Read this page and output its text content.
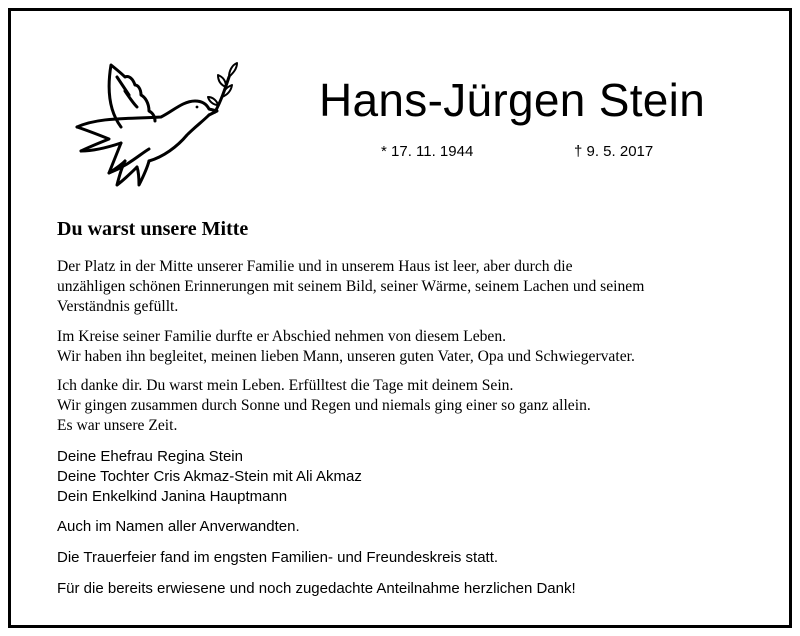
Hans-Jürgen Stein
* 17. 11. 1944	† 9. 5. 2017
Du warst unsere Mitte
Der Platz in der Mitte unserer Familie und in unserem Haus ist leer, aber durch die
unzähligen schönen Erinnerungen mit seinem Bild, seiner Wärme, seinem Lachen und seinem
Verständnis gefüllt.
Im Kreise seiner Familie durfte er Abschied nehmen von diesem Leben.
Wir haben ihn begleitet, meinen lieben Mann, unseren guten Vater, Opa und Schwiegervater.
Ich danke dir. Du warst mein Leben. Erfülltest die Tage mit deinem Sein.
Wir gingen zusammen durch Sonne und Regen und niemals ging einer so ganz allein.
Es war unsere Zeit.
Deine Ehefrau Regina Stein
Deine Tochter Cris Akmaz-Stein mit Ali Akmaz
Dein Enkelkind Janina Hauptmann
Auch im Namen aller Anverwandten.
Die Trauerfeier fand im engsten Familien- und Freundeskreis statt.
Für die bereits erwiesene und noch zugedachte Anteilnahme herzlichen Dank!
